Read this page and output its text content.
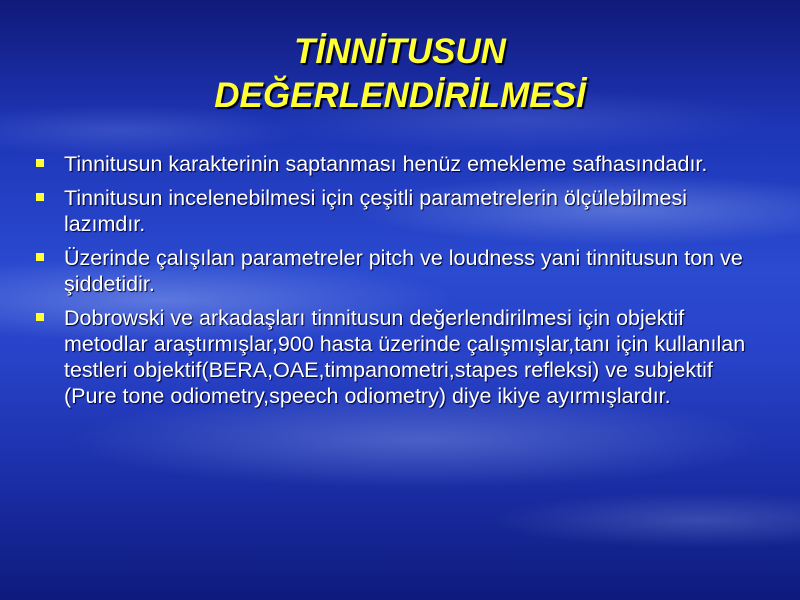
TİNNİTUSUN
DEĞERLENDİRİLMESİ
Tinnitusun karakterinin saptanması henüz emekleme safhasındadır.
Tinnitusun incelenebilmesi için çeşitli parametrelerin ölçülebilmesi lazımdır.
Üzerinde çalışılan parametreler pitch ve loudness yani tinnitusun ton ve şiddetidir.
Dobrowski ve arkadaşları tinnitusun değerlendirilmesi için objektif metodlar araştırmışlar,900 hasta üzerinde çalışmışlar,tanı için kullanılan testleri objektif(BERA,OAE,timpanometri,stapes refleksi) ve subjektif (Pure tone odiometry,speech odiometry) diye ikiye ayırmışlardır.
